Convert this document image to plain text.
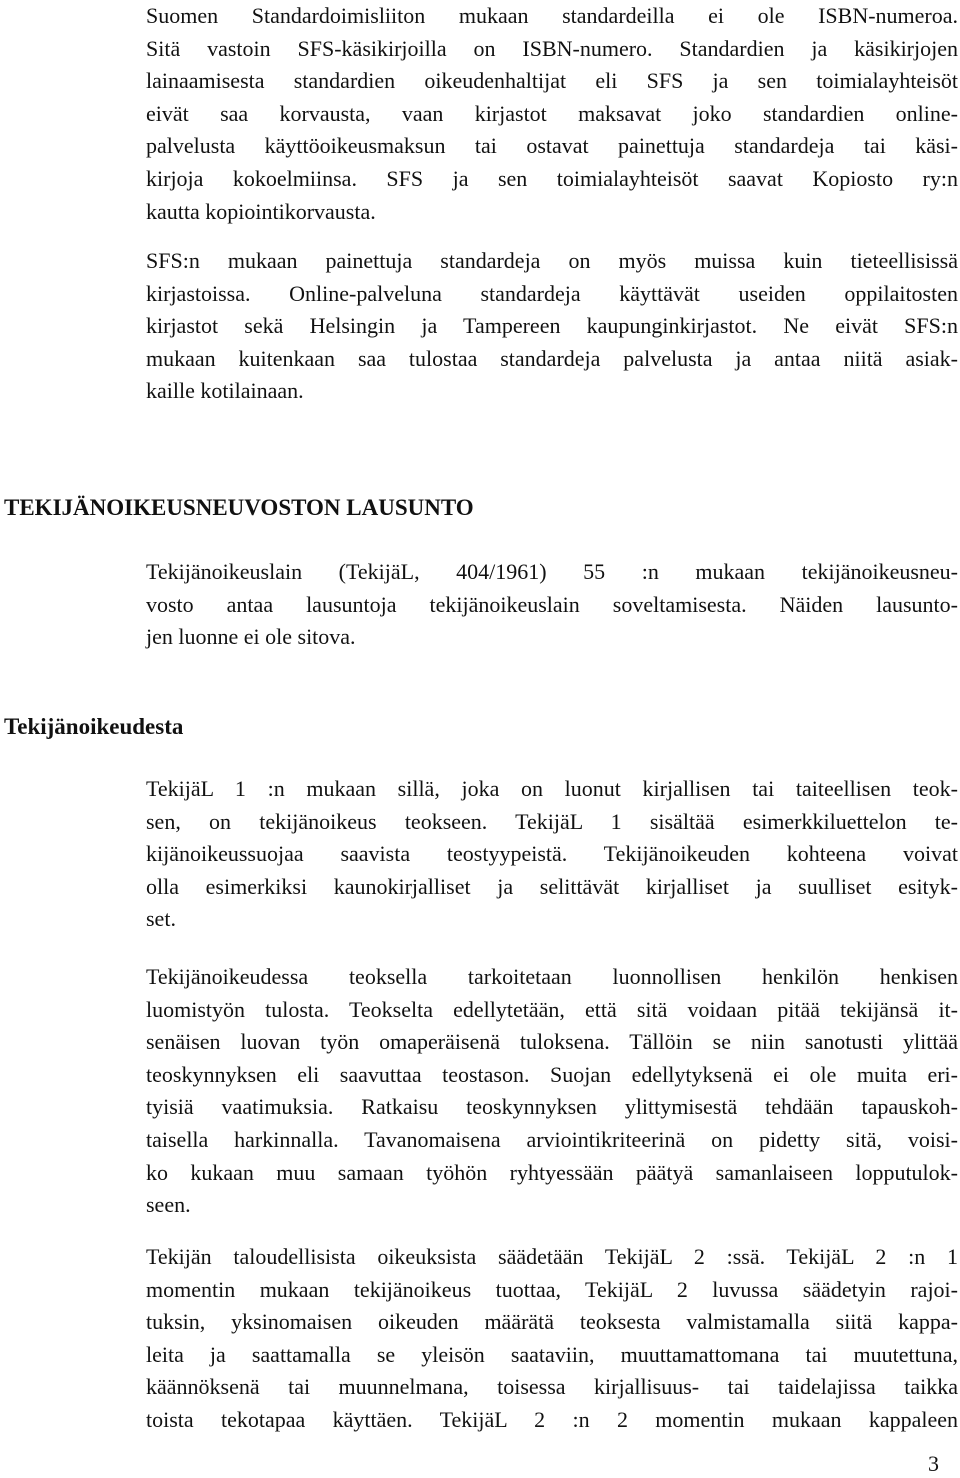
Suomen Standardoimisliiton mukaan standardeilla ei ole ISBN-numeroa.
Sitä vastoin SFS-käsikirjoilla on ISBN-numero. Standardien ja käsikirjojen
lainaamisesta standardien oikeudenhaltijat eli SFS ja sen toimialayhteisöt
eivät saa korvausta, vaan kirjastot maksavat joko standardien online-
palvelusta käyttöoikeusmaksun tai ostavat painettuja standardeja tai käsi-
kirjoja kokoelmiinsa. SFS ja sen toimialayhteisöt saavat Kopiosto ry:n
kautta kopiointikorvausta.
SFS:n mukaan painettuja standardeja on myös muissa kuin tieteellisissä
kirjastoissa. Online-palveluna standardeja käyttävät useiden oppilaitosten
kirjastot sekä Helsingin ja Tampereen kaupunginkirjastot. Ne eivät SFS:n
mukaan kuitenkaan saa tulostaa standardeja palvelusta ja antaa niitä asiak-
kaille kotilainaan.
TEKIJÄNOIKEUSNEUVOSTON LAUSUNTO
Tekijänoikeuslain (TekijäL, 404/1961) 55 :n mukaan tekijänoikeusneu-
vosto antaa lausuntoja tekijänoikeuslain soveltamisesta. Näiden lausunto-
jen luonne ei ole sitova.
Tekijänoikeudesta
TekijäL 1 :n mukaan sillä, joka on luonut kirjallisen tai taiteellisen teok-
sen, on tekijänoikeus teokseen. TekijäL 1 sisältää esimerkkiluettelon te-
kijänoikeussuojaa saavista teostyypeistä. Tekijänoikeuden kohteena voivat
olla esimerkiksi kaunokirjalliset ja selittävät kirjalliset ja suulliset esityk-
set.
Tekijänoikeudessa teoksella tarkoitetaan luonnollisen henkilön henkisen
luomistyön tulosta. Teokselta edellytetään, että sitä voidaan pitää tekijänsä it-
senäisen luovan työn omaperäisenä tuloksena. Tällöin se niin sanotusti ylittää
teoskynnyksen eli saavuttaa teostason. Suojan edellytyksenä ei ole muita eri-
tyisiä vaatimuksia. Ratkaisu teoskynnyksen ylittymisestä tehdään tapauskoh-
taisella harkinnalla. Tavanomaisena arviointikriteerinä on pidetty sitä, voisi-
ko kukaan muu samaan työhön ryhtyessään päätyä samanlaiseen lopputulok-
seen.
Tekijän taloudellisista oikeuksista säädetään TekijäL 2 :ssä. TekijäL 2 :n 1
momentin mukaan tekijänoikeus tuottaa, TekijäL 2 luvussa säädetyin rajoi-
tuksin, yksinomaisen oikeuden määrätä teoksesta valmistamalla siitä kappa-
leita ja saattamalla se yleisön saataviin, muuttamattomana tai muutettuna,
käännöksenä tai muunnelmana, toisessa kirjallisuus- tai taidelajissa taikka
toista tekotapaa käyttäen. TekijäL 2 :n 2 momentin mukaan kappaleen
3
